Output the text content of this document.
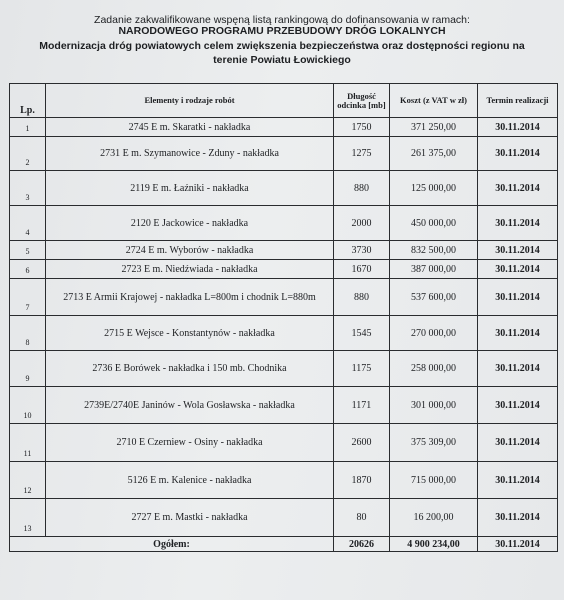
Zadanie zakwalifikowane wspęną listą rankingową do dofinansowania w ramach:
NARODOWEGO PROGRAMU PRZEBUDOWY DRÓG LOKALNYCH
Modernizacja dróg powiatowych celem zwiększenia bezpieczeństwa oraz dostępności regionu na
terenie Powiatu Łowickiego
Lp.	Elementy i rodzaje robót	Długość odcinka [mb]	Koszt (z VAT w zł)	Termin realizacji
1	2745 E m. Skaratki - nakładka	1750	371 250,00	30.11.2014
2	2731 E m. Szymanowice - Zduny - nakładka	1275	261 375,00	30.11.2014
3	2119 E m. Łaźniki - nakładka	880	125 000,00	30.11.2014
4	2120 E Jackowice - nakładka	2000	450 000,00	30.11.2014
5	2724 E m. Wyborów - nakładka	3730	832 500,00	30.11.2014
6	2723 E m. Niedźwiada - nakładka	1670	387 000,00	30.11.2014
7	2713 E Armii Krajowej - nakładka L=800m i chodnik L=880m	880	537 600,00	30.11.2014
8	2715 E Wejsce - Konstantynów - nakładka	1545	270 000,00	30.11.2014
9	2736 E Borówek - nakładka i 150 mb. Chodnika	1175	258 000,00	30.11.2014
10	2739E/2740E Janinów - Wola Gosławska - nakładka	1171	301 000,00	30.11.2014
11	2710 E Czerniew - Osiny - nakładka	2600	375 309,00	30.11.2014
12	5126 E m. Kalenice - nakładka	1870	715 000,00	30.11.2014
13	2727 E m. Mastki - nakładka	80	16 200,00	30.11.2014
Ogółem:		20626	4 900 234,00	30.11.2014
